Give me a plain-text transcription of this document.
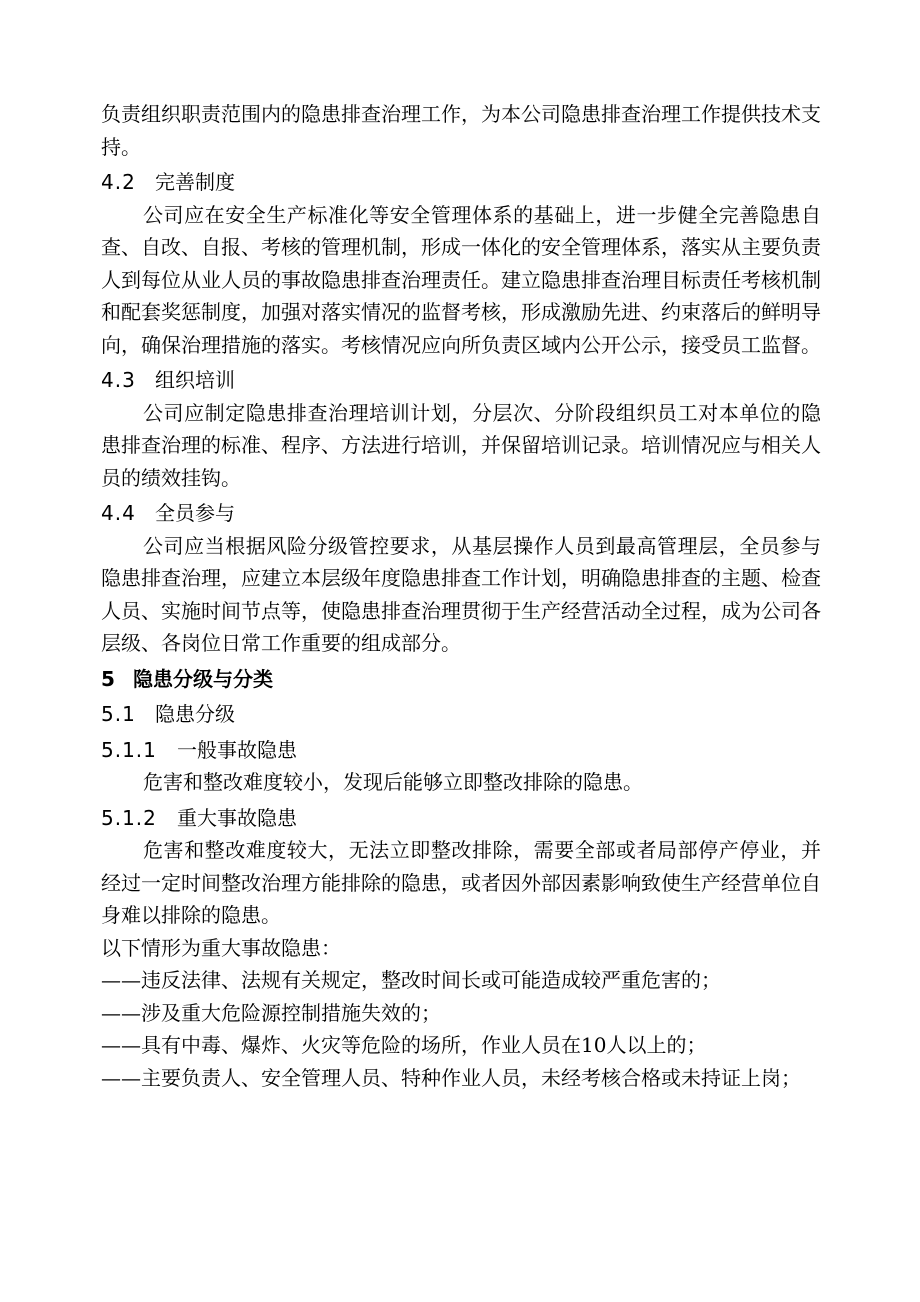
负责组织职责范围内的隐患排查治理工作，为本公司隐患排查治理工作提供技术支持。

4.2 完善制度

公司应在安全生产标准化等安全管理体系的基础上，进一步健全完善隐患自查、自改、自报、考核的管理机制，形成一体化的安全管理体系，落实从主要负责人到每位从业人员的事故隐患排查治理责任。建立隐患排查治理目标责任考核机制和配套奖惩制度，加强对落实情况的监督考核，形成激励先进、约束落后的鲜明导向，确保治理措施的落实。考核情况应向所负责区域内公开公示，接受员工监督。

4.3 组织培训

公司应制定隐患排查治理培训计划，分层次、分阶段组织员工对本单位的隐患排查治理的标准、程序、方法进行培训，并保留培训记录。培训情况应与相关人员的绩效挂钩。

4.4 全员参与

公司应当根据风险分级管控要求，从基层操作人员到最高管理层，全员参与隐患排查治理，应建立本层级年度隐患排查工作计划，明确隐患排查的主题、检查人员、实施时间节点等，使隐患排查治理贯彻于生产经营活动全过程，成为公司各层级、各岗位日常工作重要的组成部分。

5 隐患分级与分类

5.1 隐患分级

5.1.1 一般事故隐患

危害和整改难度较小，发现后能够立即整改排除的隐患。

5.1.2 重大事故隐患

危害和整改难度较大，无法立即整改排除，需要全部或者局部停产停业，并经过一定时间整改治理方能排除的隐患，或者因外部因素影响致使生产经营单位自身难以排除的隐患。

以下情形为重大事故隐患：

——违反法律、法规有关规定，整改时间长或可能造成较严重危害的；

——涉及重大危险源控制措施失效的；

——具有中毒、爆炸、火灾等危险的场所，作业人员在10人以上的；

——主要负责人、安全管理人员、特种作业人员，未经考核合格或未持证上岗；
